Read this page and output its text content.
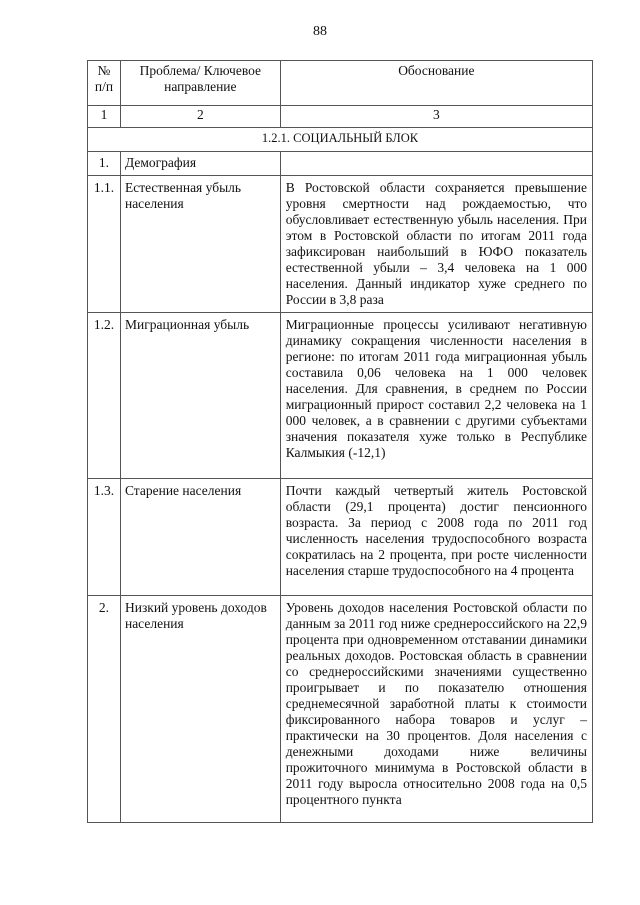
88
№ п/п	Проблема/ Ключевое направление	Обоснование
1	2	3
1.2.1. СОЦИАЛЬНЫЙ БЛОК		
1.	Демография	
1.1.	Естественная убыль населения	В Ростовской области сохраняется превышение уровня смертности над рождаемостью, что обусловливает естественную убыль населения. При этом в Ростовской области по итогам 2011 года зафиксирован наибольший в ЮФО показатель естественной убыли – 3,4 человека на 1 000 населения. Данный индикатор хуже среднего по России в 3,8 раза
1.2.	Миграционная убыль	Миграционные процессы усиливают негативную динамику сокращения численности населения в регионе: по итогам 2011 года миграционная убыль составила 0,06 человека на 1 000 человек населения. Для сравнения, в среднем по России миграционный прирост составил 2,2 человека на 1 000 человек, а в сравнении с другими субъектами значения показателя хуже только в Республике Калмыкия (-12,1)
1.3.	Старение населения	Почти каждый четвертый житель Ростовской области (29,1 процента) достиг пенсионного возраста. За период с 2008 года по 2011 год численность населения трудоспособного возраста сократилась на 2 процента, при росте численности населения старше трудоспособного на 4 процента
2.	Низкий уровень доходов населения	Уровень доходов населения Ростовской области по данным за 2011 год ниже среднероссийского на 22,9 процента при одновременном отставании динамики реальных доходов. Ростовская область в сравнении со среднероссийскими значениями существенно проигрывает и по показателю отношения среднемесячной заработной платы к стоимости фиксированного набора товаров и услуг – практически на 30 процентов. Доля населения с денежными доходами ниже величины прожиточного минимума в Ростовской области в 2011 году выросла относительно 2008 года на 0,5 процентного пункта
